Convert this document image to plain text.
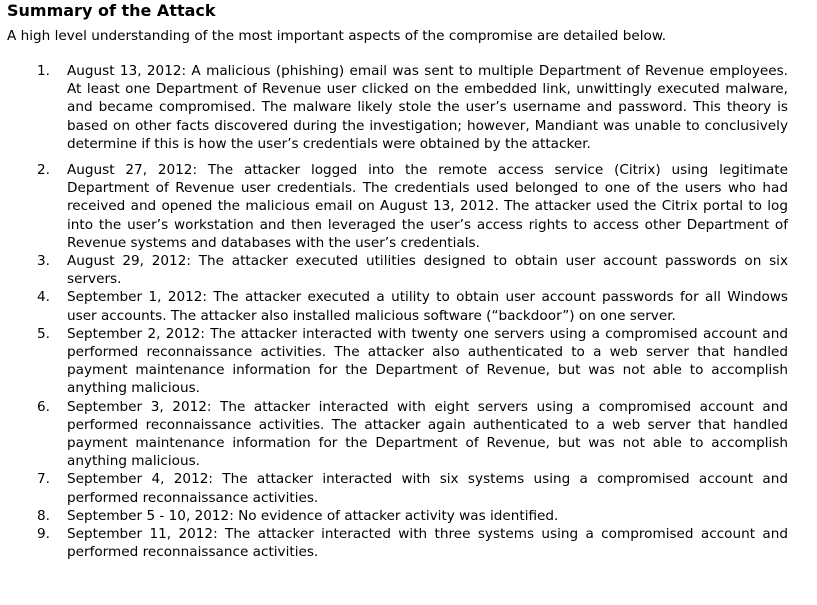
Summary of the Attack

A high level understanding of the most important aspects of the compromise are detailed below.

1.	August 13, 2012: A malicious (phishing) email was sent to multiple Department of Revenue employees. At least one Department of Revenue user clicked on the embedded link, unwittingly executed malware, and became compromised. The malware likely stole the user’s username and password. This theory is based on other facts discovered during the investigation; however, Mandiant was unable to conclusively determine if this is how the user’s credentials were obtained by the attacker.
2.	August 27, 2012: The attacker logged into the remote access service (Citrix) using legitimate Department of Revenue user credentials. The credentials used belonged to one of the users who had received and opened the malicious email on August 13, 2012. The attacker used the Citrix portal to log into the user’s workstation and then leveraged the user’s access rights to access other Department of Revenue systems and databases with the user’s credentials.
3.	August 29, 2012: The attacker executed utilities designed to obtain user account passwords on six servers.
4.	September 1, 2012: The attacker executed a utility to obtain user account passwords for all Windows user accounts. The attacker also installed malicious software (“backdoor”) on one server.
5.	September 2, 2012: The attacker interacted with twenty one servers using a compromised account and performed reconnaissance activities. The attacker also authenticated to a web server that handled payment maintenance information for the Department of Revenue, but was not able to accomplish anything malicious.
6.	September 3, 2012: The attacker interacted with eight servers using a compromised account and performed reconnaissance activities. The attacker again authenticated to a web server that handled payment maintenance information for the Department of Revenue, but was not able to accomplish anything malicious.
7.	September 4, 2012: The attacker interacted with six systems using a compromised account and performed reconnaissance activities.
8.	September 5 - 10, 2012: No evidence of attacker activity was identified.
9.	September 11, 2012: The attacker interacted with three systems using a compromised account and performed reconnaissance activities.
